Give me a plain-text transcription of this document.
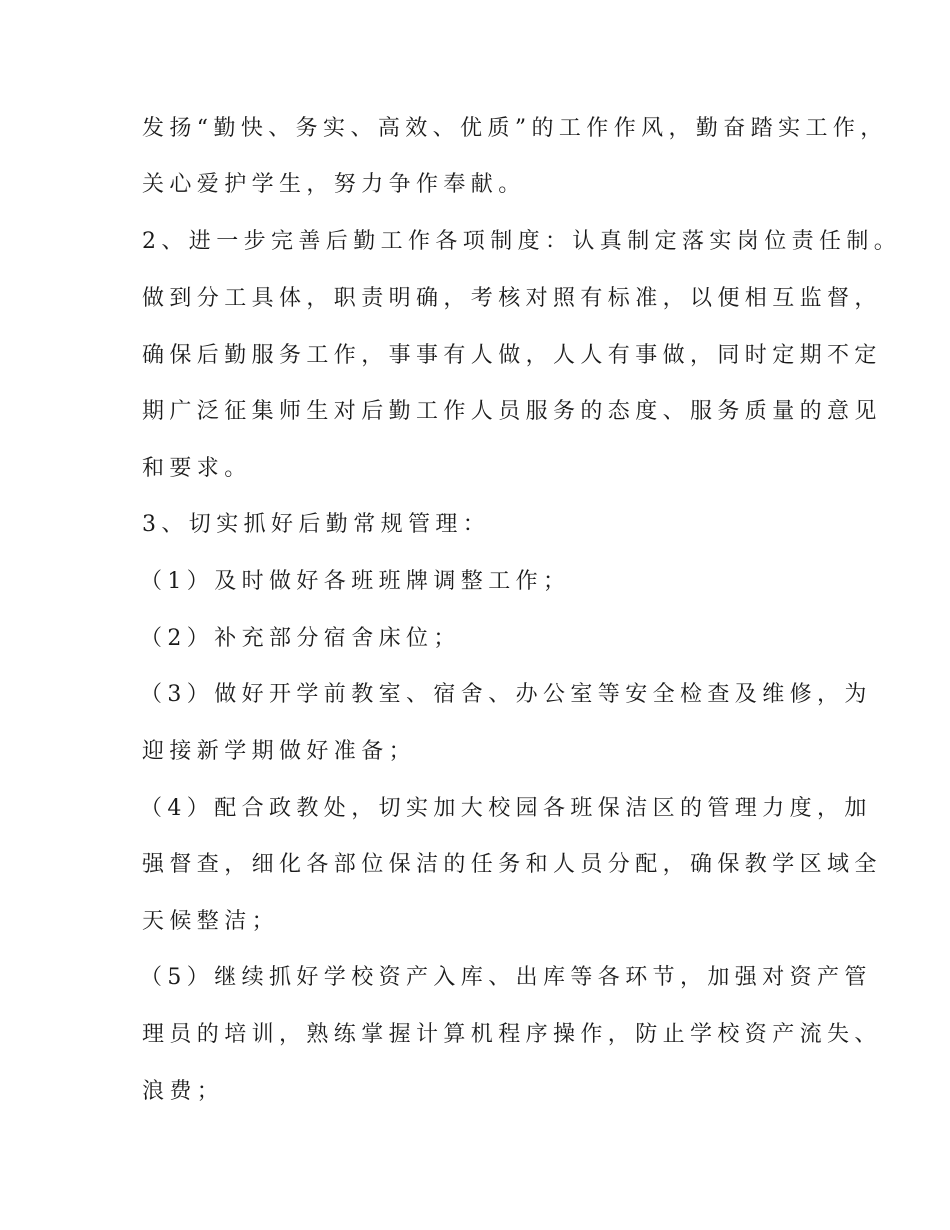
发扬“勤快、务实、高效、优质”的工作作风，勤奋踏实工作，
关心爱护学生，努力争作奉献。
2、进一步完善后勤工作各项制度：认真制定落实岗位责任制。
做到分工具体，职责明确，考核对照有标准，以便相互监督，
确保后勤服务工作，事事有人做，人人有事做，同时定期不定
期广泛征集师生对后勤工作人员服务的态度、服务质量的意见
和要求。
3、切实抓好后勤常规管理：
（1）及时做好各班班牌调整工作；
（2）补充部分宿舍床位；
（3）做好开学前教室、宿舍、办公室等安全检查及维修，为
迎接新学期做好准备；
（4）配合政教处，切实加大校园各班保洁区的管理力度，加
强督查，细化各部位保洁的任务和人员分配，确保教学区域全
天候整洁；
（5）继续抓好学校资产入库、出库等各环节，加强对资产管
理员的培训，熟练掌握计算机程序操作，防止学校资产流失、
浪费；
